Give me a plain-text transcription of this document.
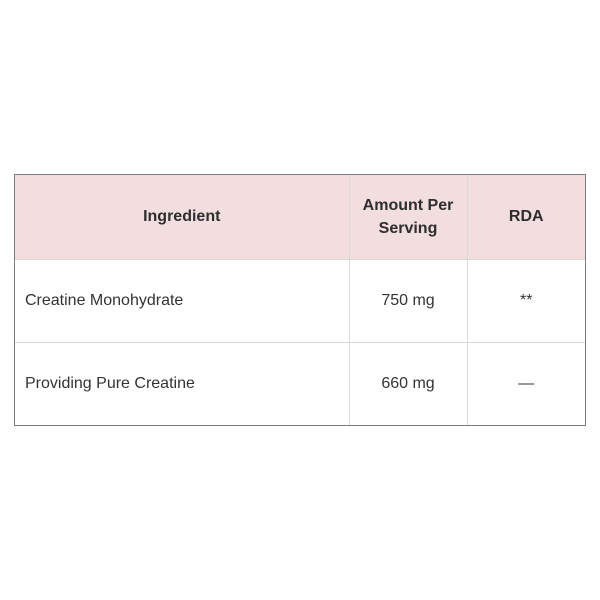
Ingredient	Amount Per Serving	RDA
Creatine Monohydrate	750 mg	**
Providing Pure Creatine	660 mg	—
